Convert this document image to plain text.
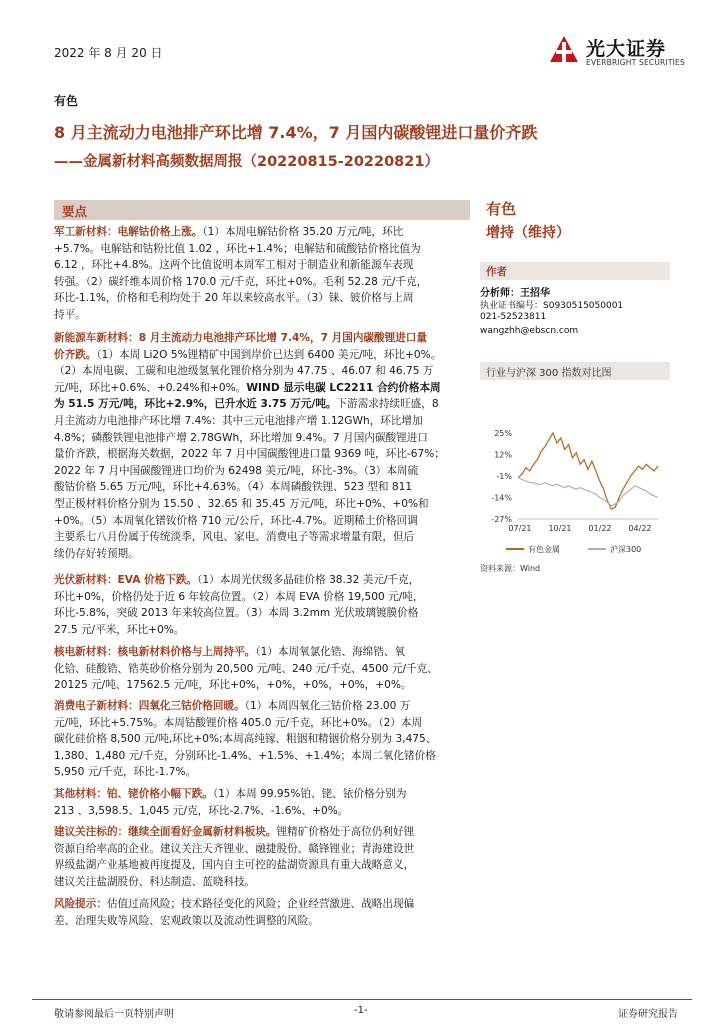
2022 年 8 月 20 日	光大证券
EVERBRIGHT SECURITIES
有色
8 月主流动力电池排产环比增 7.4%，7 月国内碳酸锂进口量价齐跌
——金属新材料高频数据周报（20220815-20220821）
要点
军工新材料：电解钴价格上涨。（1）本周电解钴价格 35.20 万元/吨，环比
+5.7%。电解钴和钴粉比值 1.02 ，环比+1.4%；电解钴和硫酸钴价格比值为
6.12 ，环比+4.8%。这两个比值说明本周军工相对于制造业和新能源车表现
转强。（2）碳纤维本周价格 170.0 元/千克，环比+0%。毛利 52.28 元/千克，
环比-1.1%，价格和毛利均处于 20 年以来较高水平。（3）铼、铍价格与上周
持平。
新能源车新材料：8 月主流动力电池排产环比增 7.4%，7 月国内碳酸锂进口量
价齐跌。（1）本周 Li2O 5%锂精矿中国到岸价已达到 6400 美元/吨，环比+0%。
（2）本周电碳、工碳和电池级氢氧化锂价格分别为 47.75 、46.07 和 46.75 万
元/吨，环比+0.6%、+0.24%和+0%。WIND 显示电碳 LC2211 合约价格本周
为 51.5 万元/吨，环比+2.9%，已升水近 3.75 万元/吨。下游需求持续旺盛，8
月主流动力电池排产环比增 7.4%：其中三元电池排产增 1.12GWh，环比增加
4.8%；磷酸铁锂电池排产增 2.78GWh，环比增加 9.4%。7 月国内碳酸锂进口
量价齐跌，根据海关数据，2022 年 7 月中国碳酸锂进口量 9369 吨，环比-67%；
2022 年 7 月中国碳酸锂进口均价为 62498 美元/吨，环比-3%。（3）本周硫
酸钴价格 5.65 万元/吨，环比+4.63%。（4）本周磷酸铁锂、523 型和 811
型正极材料价格分别为 15.50 、32.65 和 35.45 万元/吨，环比+0%、+0%和
+0%。（5）本周氧化镨钕价格 710 元/公斤，环比-4.7%。近期稀土价格回调
主要系七八月份属于传统淡季，风电、家电、消费电子等需求增量有限，但后
续仍存好转预期。
光伏新材料：EVA 价格下跌。（1）本周光伏级多晶硅价格 38.32 美元/千克，
环比+0%，价格仍处于近 6 年较高位置。（2）本周 EVA 价格 19,500 元/吨，
环比-5.8%，突破 2013 年来较高位置。（3）本周 3.2mm 光伏玻璃镀膜价格
27.5 元/平米，环比+0%。
核电新材料：核电新材料价格与上周持平。（1）本周氧氯化锆、海绵锆、氧
化铪、硅酸锆、锆英砂价格分别为 20,500 元/吨、240 元/千克、4500 元/千克、
20125 元/吨、17562.5 元/吨，环比+0%，+0%，+0%，+0%，+0%。
消费电子新材料：四氧化三钴价格回暖。（1）本周四氧化三钴价格 23.00 万
元/吨，环比+5.75%。本周钴酸锂价格 405.0 元/千克，环比+0%。（2）本周
碳化硅价格 8,500 元/吨,环比+0%;本周高纯镓、粗铟和精铟价格分别为 3,475、
1,380、1,480 元/千克，分别环比-1.4%、+1.5%、+1.4%；本周二氧化锗价格
5,950 元/千克，环比-1.7%。
其他材料：铂、铑价格小幅下跌。（1）本周 99.95%铂、铑、铱价格分别为
213 、3,598.5、1,045 元/克，环比-2.7%、-1.6%、+0%。
建议关注标的：继续全面看好金属新材料板块。锂精矿价格处于高位仍利好锂
资源自给率高的企业。建议关注天齐锂业、融捷股份、赣锋锂业；青海建设世
界级盐湖产业基地被再度提及，国内自主可控的盐湖资源具有重大战略意义，
建议关注盐湖股份、科达制造、蓝晓科技。
风险提示：估值过高风险；技术路径变化的风险；企业经营激进、战略出现偏
差、治理失败等风险、宏观政策以及流动性调整的风险。
有色
增持（维持）
作者
分析师：王招华
执业证书编号：S0930515050001
021-52523811
wangzhh@ebscn.com
行业与沪深 300 指数对比图
25%
12%
-1%
-14%
-27%
07/21 10/21 01/22 04/22
有色金属	沪深300
资料来源：Wind
敬请参阅最后一页特别声明	-1-	证券研究报告
